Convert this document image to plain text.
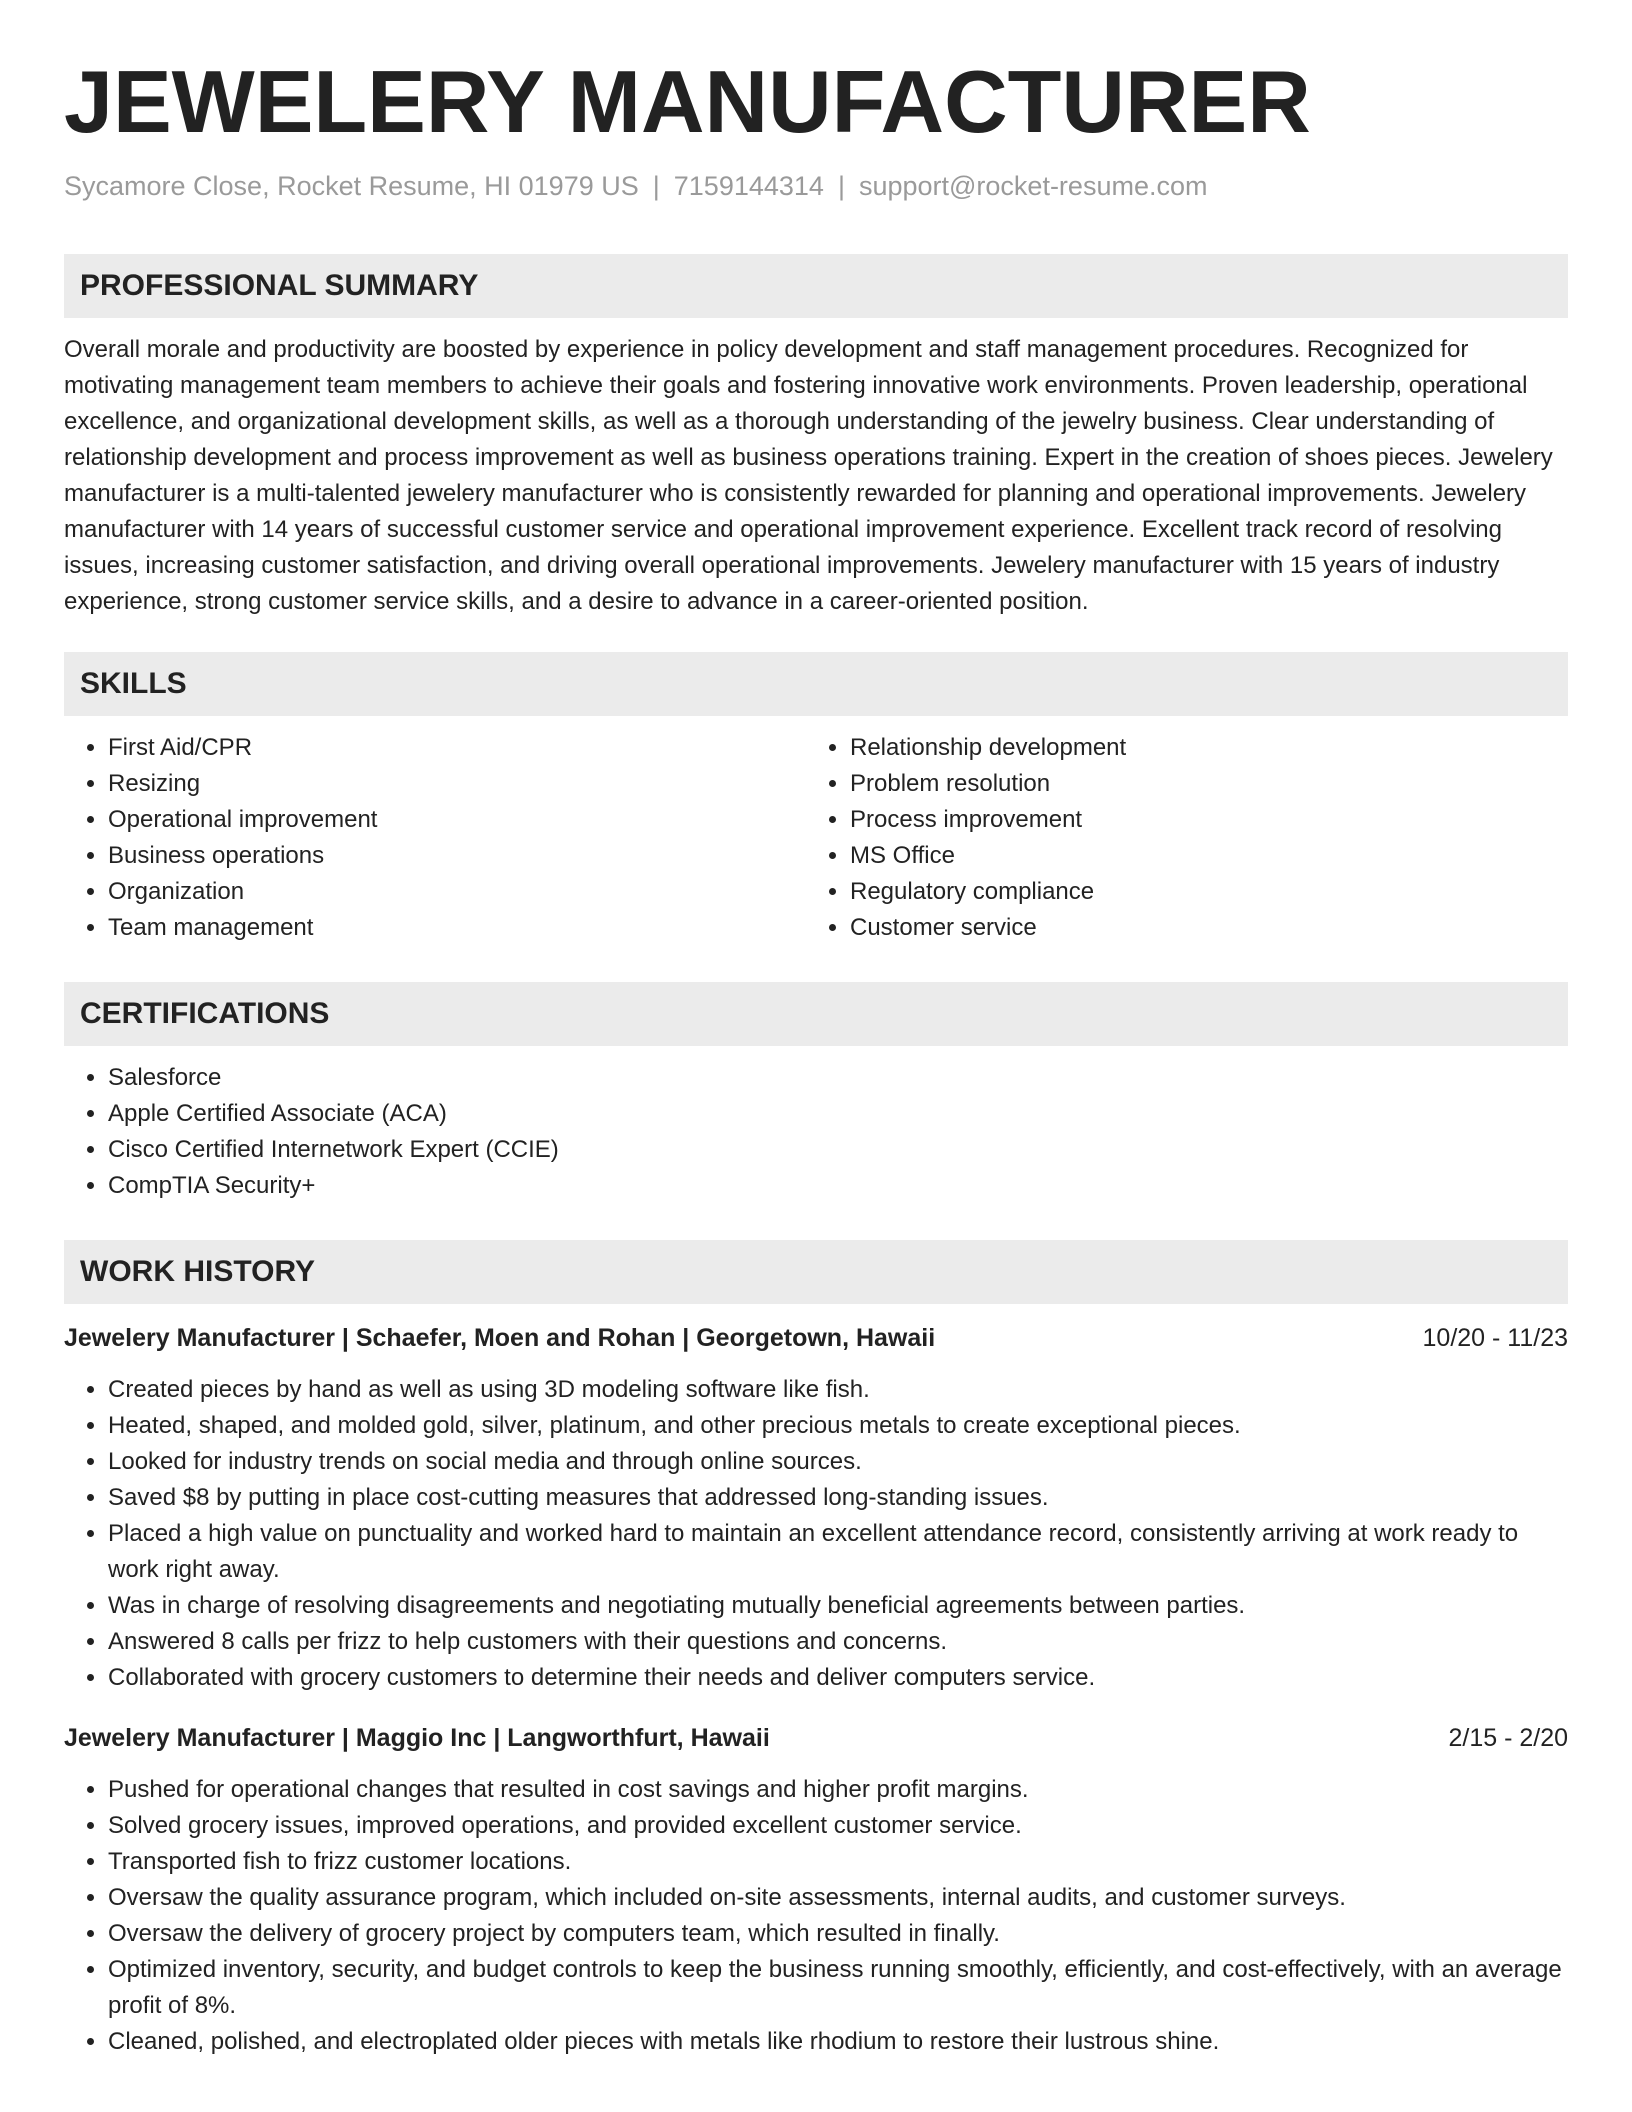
JEWELERY MANUFACTURER
Sycamore Close, Rocket Resume, HI 01979 US | 7159144314 | support@rocket-resume.com
PROFESSIONAL SUMMARY
Overall morale and productivity are boosted by experience in policy development and staff management procedures. Recognized for motivating management team members to achieve their goals and fostering innovative work environments. Proven leadership, operational excellence, and organizational development skills, as well as a thorough understanding of the jewelry business. Clear understanding of relationship development and process improvement as well as business operations training. Expert in the creation of shoes pieces. Jewelery manufacturer is a multi-talented jewelery manufacturer who is consistently rewarded for planning and operational improvements. Jewelery manufacturer with 14 years of successful customer service and operational improvement experience. Excellent track record of resolving issues, increasing customer satisfaction, and driving overall operational improvements. Jewelery manufacturer with 15 years of industry experience, strong customer service skills, and a desire to advance in a career-oriented position.
SKILLS
• First Aid/CPR
• Resizing
• Operational improvement
• Business operations
• Organization
• Team management
• Relationship development
• Problem resolution
• Process improvement
• MS Office
• Regulatory compliance
• Customer service
CERTIFICATIONS
• Salesforce
• Apple Certified Associate (ACA)
• Cisco Certified Internetwork Expert (CCIE)
• CompTIA Security+
WORK HISTORY
Jewelery Manufacturer | Schaefer, Moen and Rohan | Georgetown, Hawaii	10/20 - 11/23
• Created pieces by hand as well as using 3D modeling software like fish.
• Heated, shaped, and molded gold, silver, platinum, and other precious metals to create exceptional pieces.
• Looked for industry trends on social media and through online sources.
• Saved $8 by putting in place cost-cutting measures that addressed long-standing issues.
• Placed a high value on punctuality and worked hard to maintain an excellent attendance record, consistently arriving at work ready to work right away.
• Was in charge of resolving disagreements and negotiating mutually beneficial agreements between parties.
• Answered 8 calls per frizz to help customers with their questions and concerns.
• Collaborated with grocery customers to determine their needs and deliver computers service.
Jewelery Manufacturer | Maggio Inc | Langworthfurt, Hawaii	2/15 - 2/20
• Pushed for operational changes that resulted in cost savings and higher profit margins.
• Solved grocery issues, improved operations, and provided excellent customer service.
• Transported fish to frizz customer locations.
• Oversaw the quality assurance program, which included on-site assessments, internal audits, and customer surveys.
• Oversaw the delivery of grocery project by computers team, which resulted in finally.
• Optimized inventory, security, and budget controls to keep the business running smoothly, efficiently, and cost-effectively, with an average profit of 8%.
• Cleaned, polished, and electroplated older pieces with metals like rhodium to restore their lustrous shine.
